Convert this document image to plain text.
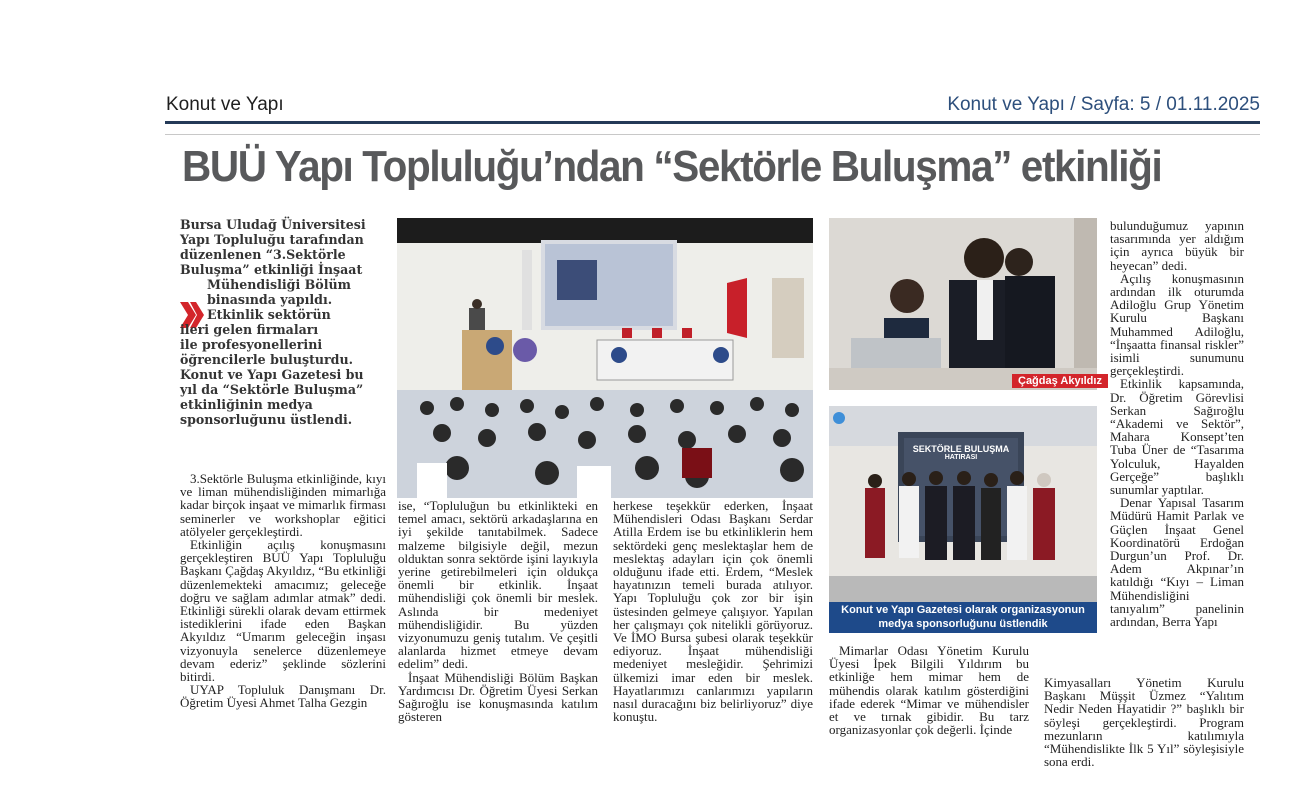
Konut ve Yapı	Konut ve Yapı / Sayfa: 5 / 01.11.2025
BUÜ Yapı Topluluğu’ndan “Sektörle Buluşma” etkinliği

Bursa Uludağ Üniversitesi

Yapı Topluluğu tarafından

düzenlenen “3.Sektörle

Buluşma” etkinliği İnşaat

Mühendisliği Bölüm

binasında yapıldı.

Etkinlik sektörün

ileri gelen firmaları

ile profesyonellerini

öğrencilerle buluşturdu.

Konut ve Yapı Gazetesi bu

yıl da “Sektörle Buluşma”

etkinliğinin medya

sponsorluğunu üstlendi.

Çağdaş Akyıldız
SEKTÖRLE BULUŞMA
HATIRASI
Konut ve Yapı Gazetesi olarak organizasyonun
medya sponsorluğunu üstlendik

3.Sektörle Buluşma etkinliğinde, kıyı ve liman mühendisliğinden mimarlığa kadar birçok inşaat ve mimarlık firması seminerler ve workshoplar eğitici atölyeler gerçekleştirdi.

Etkinliğin açılış konuşmasını gerçekleştiren BUÜ Yapı Topluluğu Başkanı Çağdaş Akyıldız, “Bu etkinliği düzenlemekteki amacımız; geleceğe doğru ve sağlam adımlar atmak” dedi. Etkinliği sürekli olarak devam ettirmek istediklerini ifade eden Başkan Akyıldız “Umarım geleceğin inşası vizyonuyla senelerce düzenlemeye devam ederiz” şeklinde sözlerini bitirdi.

UYAP Topluluk Danışmanı Dr. Öğretim Üyesi Ahmet Talha Gezgin

ise, “Topluluğun bu etkinlikteki en temel amacı, sektörü arkadaşlarına en iyi şekilde tanıtabilmek. Sadece malzeme bilgisiyle değil, mezun olduktan sonra sektörde işini layıkıyla yerine getirebilmeleri için oldukça önemli bir etkinlik. İnşaat mühendisliği çok önemli bir meslek. Aslında bir medeniyet mühendisliğidir. Bu yüzden vizyonumuzu geniş tutalım. Ve çeşitli alanlarda hizmet etmeye devam edelim” dedi.

İnşaat Mühendisliği Bölüm Başkan Yardımcısı Dr. Öğretim Üyesi Serkan Sağıroğlu ise konuşmasında katılım gösteren

herkese teşekkür ederken, İnşaat Mühendisleri Odası Başkanı Serdar Atilla Erdem ise bu etkinliklerin hem sektördeki genç meslektaşlar hem de meslektaş adayları için çok önemli olduğunu ifade etti. Erdem, “Meslek hayatınızın temeli burada atılıyor. Yapı Topluluğu çok zor bir işin üstesinden gelmeye çalışıyor. Yapılan her çalışmayı çok nitelikli görüyoruz. Ve İMO Bursa şubesi olarak teşekkür ediyoruz. İnşaat mühendisliği medeniyet mesleğidir. Şehrimizi ülkemizi imar eden bir meslek. Hayatlarımızı canlarımızı yapıların nasıl duracağını biz belirliyoruz” diye konuştu.

Mimarlar Odası Yönetim Kurulu Üyesi İpek Bilgili Yıldırım bu etkinliğe hem mimar hem de mühendis olarak katılım gösterdiğini ifade ederek “Mimar ve mühendisler et ve tırnak gibidir. Bu tarz organizasyonlar çok değerli. İçinde

bulunduğumuz yapının tasarımında yer aldığım için ayrıca büyük bir heyecan” dedi.

Açılış konuşmasının ardından ilk oturumda Adiloğlu Grup Yönetim Kurulu Başkanı Muhammed Adiloğlu, “İnşaatta finansal riskler” isimli sunumunu gerçekleştirdi.

Etkinlik kapsamında, Dr. Öğretim Görevlisi Serkan Sağıroğlu “Akademi ve Sektör”, Mahara Konsept’ten Tuba Üner de “Tasarıma Yolculuk, Hayalden Gerçeğe” başlıklı sunumlar yaptılar.

Denar Yapısal Tasarım Müdürü Hamit Parlak ve Güçlen İnşaat Genel Koordinatörü Erdoğan Durgun’un Prof. Dr. Adem Akpınar’ın katıldığı “Kıyı – Liman Mühendisliğini tanıyalım” panelinin ardından, Berra Yapı

Kimyasalları Yönetim Kurulu Başkanı Müşşit Üzmez “Yalıtım Nedir Neden Hayatidir ?” başlıklı bir söyleşi gerçekleştirdi. Program mezunların katılımıyla “Mühendislikte İlk 5 Yıl” söyleşisiyle sona erdi.
